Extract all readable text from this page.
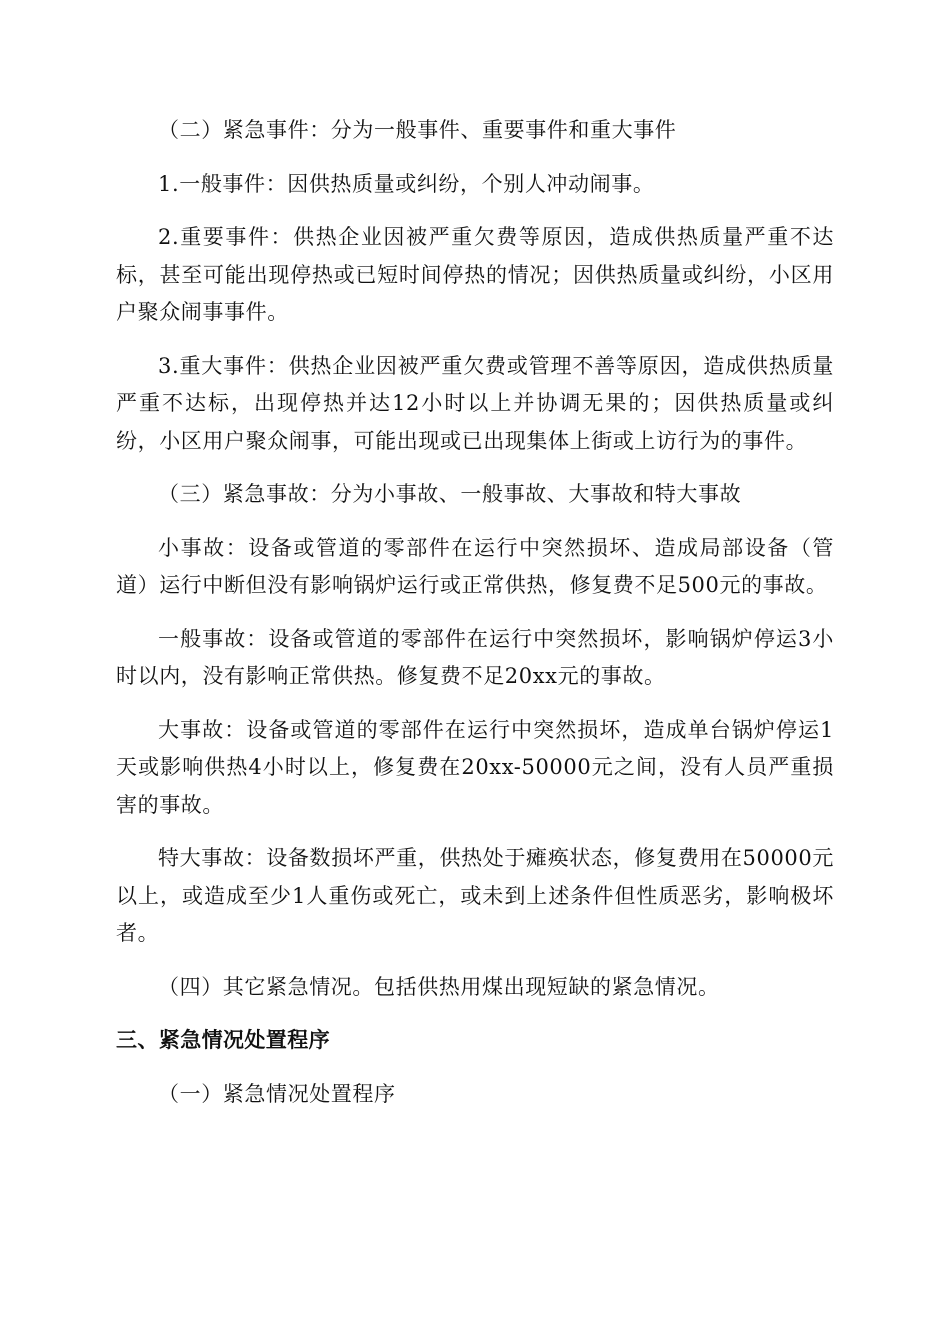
（二）紧急事件：分为一般事件、重要事件和重大事件

1.一般事件：因供热质量或纠纷，个别人冲动闹事。

2.重要事件：供热企业因被严重欠费等原因，造成供热质量严重不达标，甚至可能出现停热或已短时间停热的情况；因供热质量或纠纷，小区用户聚众闹事事件。

3.重大事件：供热企业因被严重欠费或管理不善等原因，造成供热质量严重不达标，出现停热并达12小时以上并协调无果的；因供热质量或纠纷，小区用户聚众闹事，可能出现或已出现集体上街或上访行为的事件。

（三）紧急事故：分为小事故、一般事故、大事故和特大事故

小事故：设备或管道的零部件在运行中突然损坏、造成局部设备（管道）运行中断但没有影响锅炉运行或正常供热，修复费不足500元的事故。

一般事故：设备或管道的零部件在运行中突然损坏，影响锅炉停运3小时以内，没有影响正常供热。修复费不足20xx元的事故。

大事故：设备或管道的零部件在运行中突然损坏，造成单台锅炉停运1天或影响供热4小时以上，修复费在20xx-50000元之间，没有人员严重损害的事故。

特大事故：设备数损坏严重，供热处于瘫痪状态，修复费用在50000元以上，或造成至少1人重伤或死亡，或未到上述条件但性质恶劣，影响极坏者。

（四）其它紧急情况。包括供热用煤出现短缺的紧急情况。

三、紧急情况处置程序

（一）紧急情况处置程序
